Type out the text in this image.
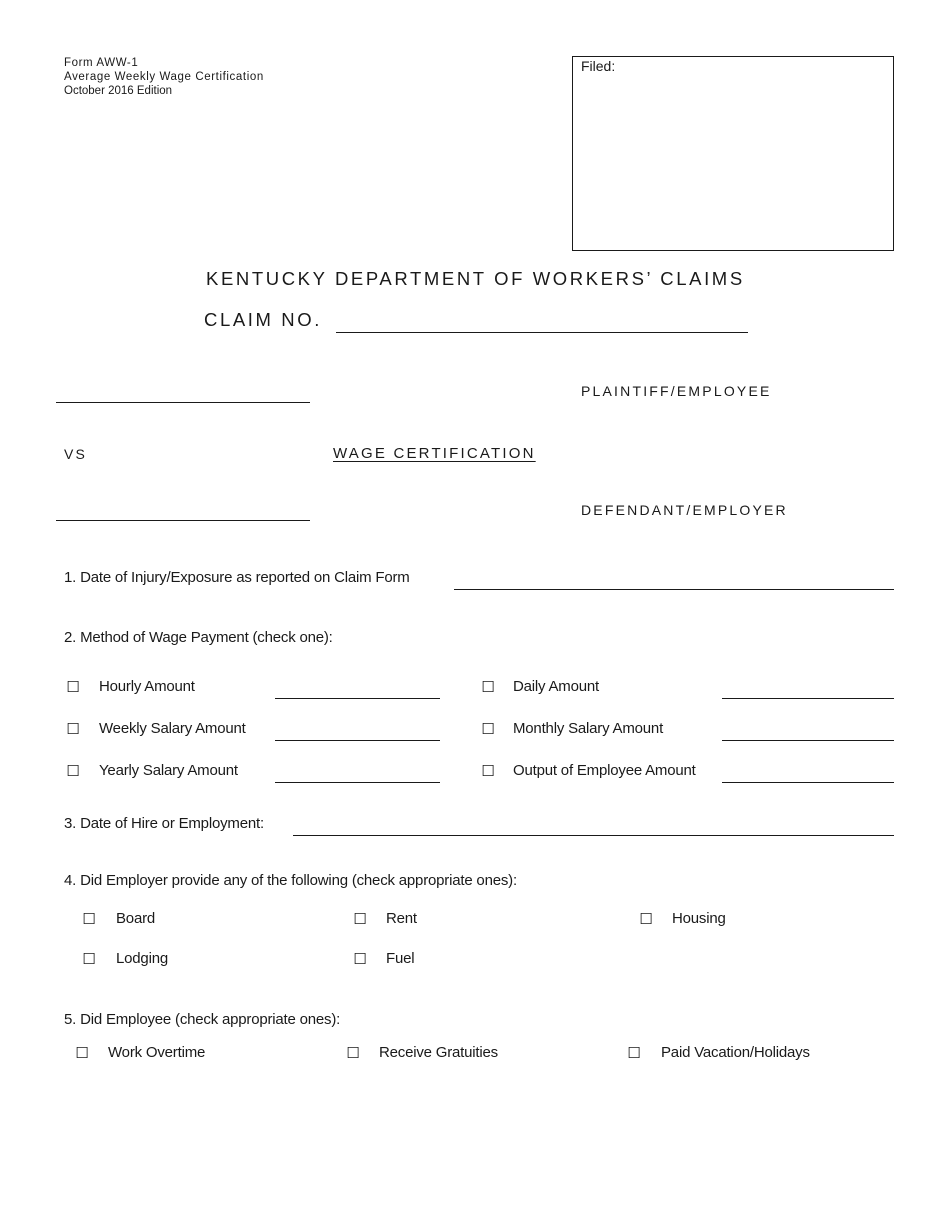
Form AWW-1
Average Weekly Wage Certification
October 2016 Edition
Filed:
KENTUCKY DEPARTMENT OF WORKERS’ CLAIMS
CLAIM NO.
PLAINTIFF/EMPLOYEE
VS	WAGE CERTIFICATION
DEFENDANT/EMPLOYER
1. Date of Injury/Exposure as reported on Claim Form
2. Method of Wage Payment (check one):
☐ Hourly Amount	☐ Daily Amount
☐ Weekly Salary Amount	☐ Monthly Salary Amount
☐ Yearly Salary Amount	☐ Output of Employee Amount
3. Date of Hire or Employment:
4. Did Employer provide any of the following (check appropriate ones):
☐ Board	☐ Rent	☐ Housing
☐ Lodging	☐ Fuel
5. Did Employee (check appropriate ones):
☐ Work Overtime	☐ Receive Gratuities	☐ Paid Vacation/Holidays
